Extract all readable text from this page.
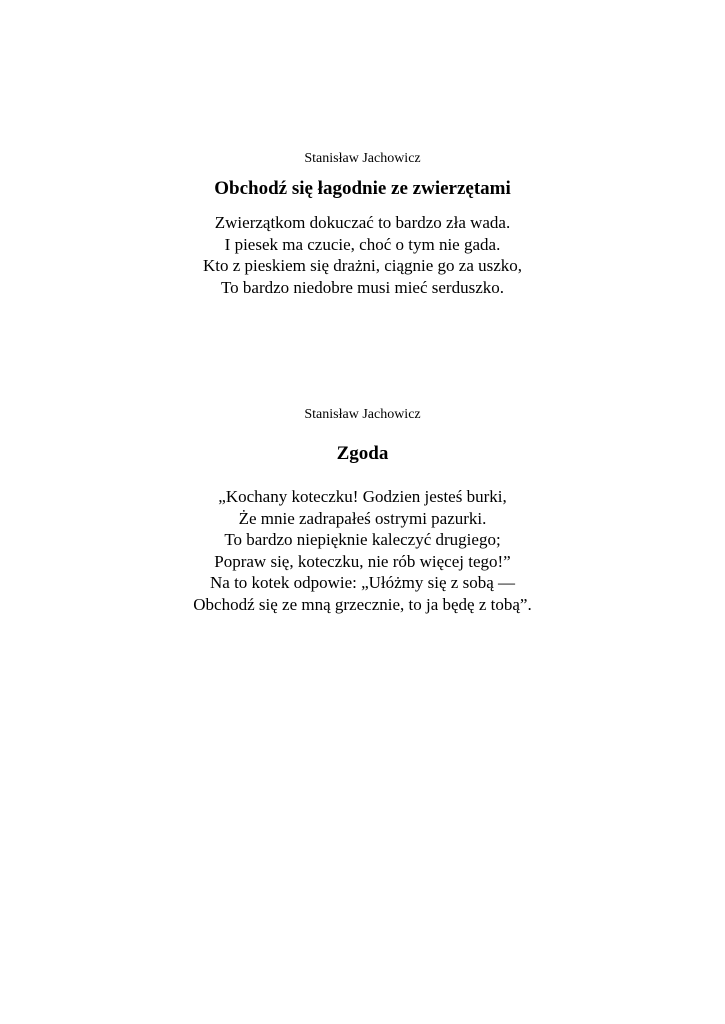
Stanisław Jachowicz

Obchodź się łagodnie ze zwierzętami
Zwierzątkom dokuczać to bardzo zła wada.
I piesek ma czucie, choć o tym nie gada.
Kto z pieskiem się drażni, ciągnie go za uszko,
To bardzo niedobre musi mieć serduszko.

Stanisław Jachowicz

Zgoda
„Kochany koteczku! Godzien jesteś burki,
Że mnie zadrapałeś ostrymi pazurki.
To bardzo niepięknie kaleczyć drugiego;
Popraw się, koteczku, nie rób więcej tego!”
Na to kotek odpowie: „Ułóżmy się z sobą —
Obchodź się ze mną grzecznie, to ja będę z tobą”.
